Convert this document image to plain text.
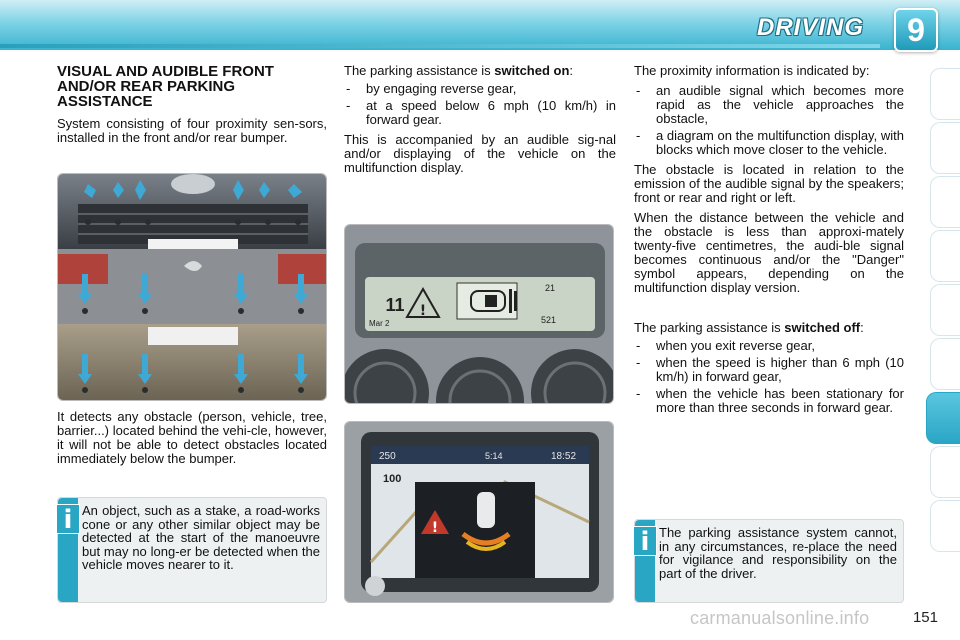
DRIVING	9
VISUAL AND AUDIBLE FRONT AND/OR REAR PARKING ASSISTANCE

System consisting of four proximity sen-sors, installed in the front and/or rear bumper.

It detects any obstacle (person, vehicle, tree, barrier...) located behind the vehi-cle, however, it will not be able to detect obstacles located immediately below the bumper.

i An object, such as a stake, a road-works cone or any other similar object may be detected at the start of the manoeuvre but may no long-er be detected when the vehicle moves nearer to it.

The parking assistance is switched on:

- by engaging reverse gear,
- at a speed below 6 mph (10 km/h) in forward gear.

This is accompanied by an audible sig-nal and/or displaying of the vehicle on the multifunction display.

!
11
Mar 2
21
521
250	5:14	18:52
100
!

The proximity information is indicated by:

- an audible signal which becomes more rapid as the vehicle approaches the obstacle,
- a diagram on the multifunction display, with blocks which move closer to the vehicle.

The obstacle is located in relation to the emission of the audible signal by the speakers; front or rear and right or left.

When the distance between the vehicle and the obstacle is less than approxi-mately twenty-five centimetres, the audi-ble signal becomes continuous and/or the "Danger" symbol appears, depending on the multifunction display version.

The parking assistance is switched off:

- when you exit reverse gear,
- when the speed is higher than 6 mph (10 km/h) in forward gear,
- when the vehicle has been stationary for more than three seconds in forward gear.
i The parking assistance system cannot, in any circumstances, re-place the need for vigilance and responsibility on the part of the driver.
carmanualsonline.info	151
